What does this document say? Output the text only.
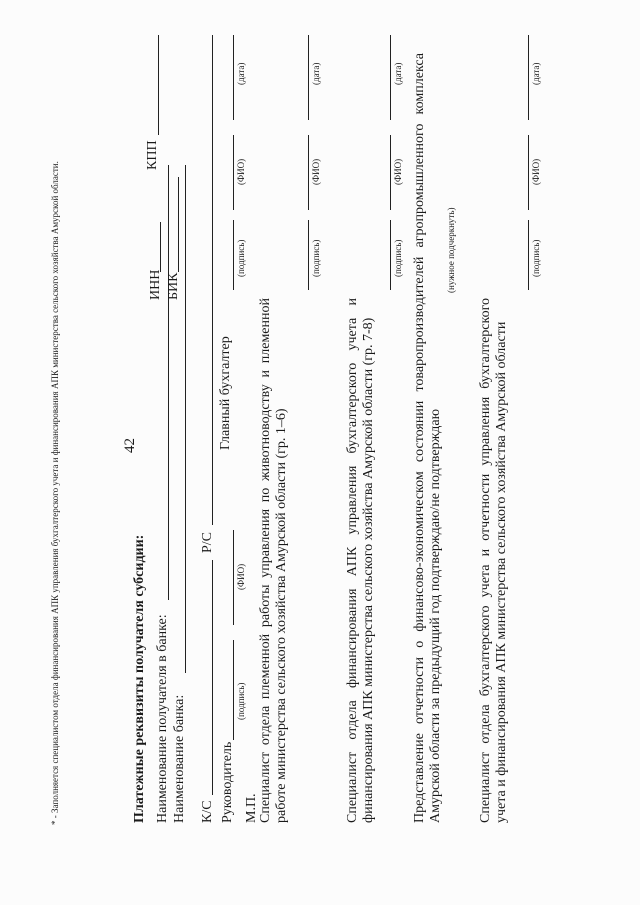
* - Заполняется специалистом отдела финансирования АПК управления бухгалтерского учета и финансирования АПК министерства сельского хозяйства Амурской области.	42
Платежные реквизиты получателя субсидии: Наименование получателя в банке: Наименование банка:
ИНН БИК
КПП
К/С
Р/С
Руководитель
(подпись)
(ФИО)
Главный бухгалтер
(подпись)
(ФИО)
(дата)
М.П. Специалист отдела племенной работы управления по животноводству и племенной работе министерства сельского хозяйства Амурской области (гр. 1–6)
(подпись)
(ФИО)
(дата)
Специалист отдела финансирования АПК управления бухгалтерского учета и финансирования АПК министерства сельского хозяйства Амурской области (гр. 7-8)
(подпись)
(ФИО)
(дата) Представление отчетности о финансово-экономическом состоянии товаропроизводителей агропромышленного комплекса Амурской области за предыдущий год подтверждаю/не подтверждаю
(нужное подчеркнуть)
Специалист отдела бухгалтерского учета и отчетности управления бухгалтерского учета и финансирования АПК министерства сельского хозяйства Амурской области
(подпись)
(ФИО)
(дата)
